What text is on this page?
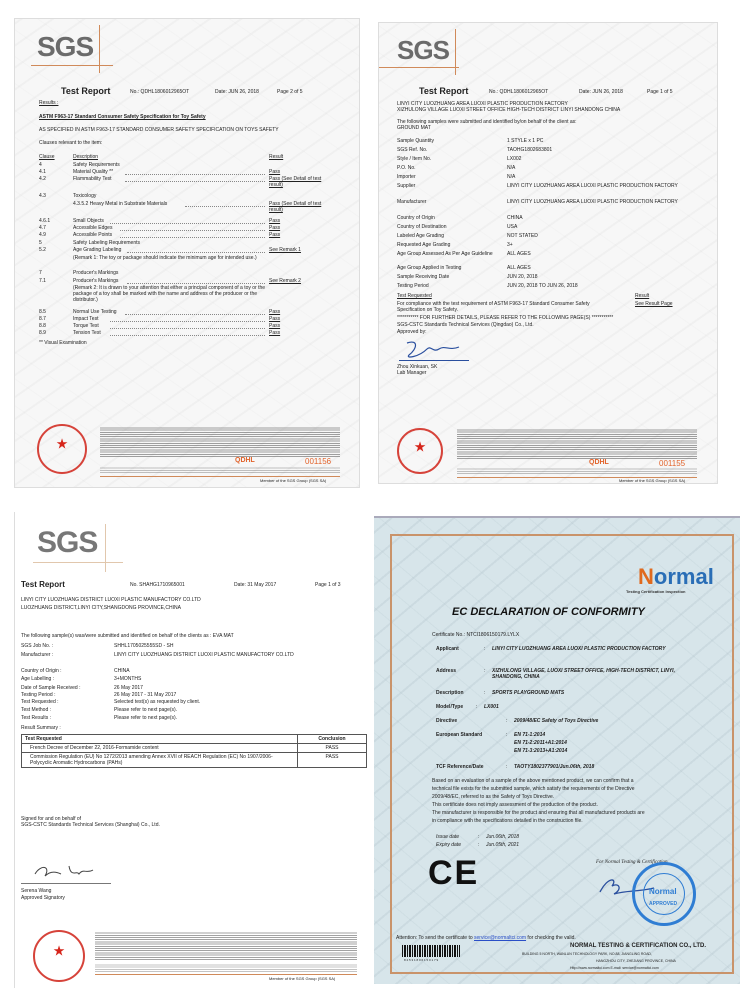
SGS
Test Report	No.: QDHL1806012965OT	Date: JUN 26, 2018	Page 2 of 5
Results :
ASTM F963-17 Standard Consumer Safety Specification for Toy Safety
AS SPECIFIED IN ASTM F963-17 STANDARD CONSUMER SAFETY SPECIFICATION ON TOYS SAFETY
Clauses relevant to the item:
Clause	Description	Result
4	Safety Requirements
4.1	Material Quality **	Pass
4.2	Flammability Test	Pass (See Detail of test result)
4.3	Toxicology
4.3.5.2 Heavy Metal in Substrate Materials	Pass (See Detail of test result)
4.6.1	Small Objects	Pass
4.7	Accessible Edges	Pass
4.9	Accessible Points	Pass
5	Safety Labeling Requirements
5.2	Age Grading Labeling	See Remark 1
(Remark 1: The toy or package should indicate the minimum age for intended use.)
7	Producer's Markings
7.1	Producer's Markings	See Remark 2
(Remark 2: It is drawn to your attention that either a principal component of a toy or the package of a toy shall be marked with the name and address of the producer or the distributor.)
8.5	Normal Use Testing	Pass
8.7	Impact Test	Pass
8.8	Torque Test	Pass
8.9	Tension Test	Pass
** Visual Examination
★
QDHL	001156
Member of the SGS Group (SGS SA)
SGS
Test Report	No.: QDHL1806012965OT	Date: JUN 26, 2018	Page 1 of 5
LINYI CITY LUOZHUANG AREA LUOXI PLASTIC PRODUCTION FACTORY
XIZHULONG VILLAGE LUOXI STREET OFFICE HIGH-TECH DISTRICT LINYI SHANDONG CHINA
The following samples were submitted and identified by/on behalf of the client as:
GROUND MAT
Sample Quantity	1 STYLE x 1 PC
SGS Ref. No.	TAOHG1802683801
Style / Item No.	LX002
P.O. No.	N/A
Importer	N/A
Supplier	LINYI CITY LUOZHUANG AREA LUOXI PLASTIC PRODUCTION FACTORY
Manufacturer	LINYI CITY LUOZHUANG AREA LUOXI PLASTIC PRODUCTION FACTORY
Country of Origin	CHINA
Country of Destination	USA
Labeled Age Grading	NOT STATED
Requested Age Grading	3+
Age Group Assessed As Per Age Guideline	ALL AGES
Age Group Applied in Testing	ALL AGES
Sample Receiving Date	JUN 20, 2018
Testing Period	JUN 20, 2018 TO JUN 26, 2018
Test Requested	Result
For compliance with the test requirement of ASTM F963-17 Standard Consumer Safety Specification on Toy Safety.
See Result Page
*********** FOR FURTHER DETAILS, PLEASE REFER TO THE FOLLOWING PAGE(S) ***********
SGS-CSTC Standards Technical Services (Qingdao) Co., Ltd.
Approved by:
Zhou Xinkuan, SK
Lab Manager
★
QDHL	001155
Member of the SGS Group (SGS SA)
SGS
Test Report	No. SHAHG1710965001	Date: 31 May 2017	Page 1 of 3
LINYI CITY LUOZHUANG DISTRICT LUOXI PLASTIC MANUFACTORY CO.LTD
LUOZHUANG DISTRICT,LINYI CITY,SHANGDONG PROVINCE,CHINA
The following sample(s) was/were submitted and identified on behalf of the clients as : EVA MAT
SGS Job No. :	SHHL1705025555SD - SH
Manufacturer :	LINYI CITY LUOZHUANG DISTRICT LUOXI PLASTIC MANUFACTORY CO.LTD
Country of Origin :	CHINA
Age Labelling :	3+MONTHS
Date of Sample Received :	26 May 2017
Testing Period :	26 May 2017 - 31 May 2017
Test Requested :	Selected test(s) as requested by client.
Test Method :	Please refer to next page(s).
Test Results :	Please refer to next page(s).
Result Summary :
Test Requested	Conclusion
French Decree of December 22, 2016-Formamide content	PASS
Commission Regulation (EU) No 1272/2013 amending Annex XVII of REACH Regulation (EC) No 1907/2006- Polycyclic Aromatic Hydrocarbons (PAHs)	PASS
Signed for and on behalf of
SGS-CSTC Standards Technical Services (Shanghai) Co., Ltd.
Serena Wang
Approved Signatory
★
Member of the SGS Group (SGS SA)
Normal
Testing Certification Inspection
EC DECLARATION OF CONFORMITY
Certificate No.: NTCI1806150179.LYLX
Applicant	: LINYI CITY LUOZHUANG AREA LUOXI PLASTIC PRODUCTION FACTORY
Address	: XIZHULONG VILLAGE, LUOXI STREET OFFICE, HIGH-TECH DISTRICT, LINYI, SHANDONG, CHINA
Description	: SPORTS PLAYGROUND MATS
Model/Type	: LX001
Directive	: 2009/48/EC Safety of Toys Directive
European Standard	: EN 71-1:2014
EN 71-2:2011+A1:2014
EN 71-3:2013+A1:2014
TCF Reference/Date	: TAOTY1802377901/Jun.06th, 2018
Based on an evaluation of a sample of the above mentioned product, we can confirm that a
technical file exists for the submitted sample, which satisfy the requirements of the Directive
2009/48/EC, referred to as the Safety of Toys Directive.
This certificate does not imply assessment of the production of the product.
The manufacturer is responsible for the product and ensuring that all manufactured products are
in compliance with the specifications detailed in the construction file.
Issue date	: Jun.06th, 2018
Expiry date	: Jun.05th, 2021
CE	For Normal Testing & Certification
Normal
APPROVED
Attention: To send the certificate to service@normaltci.com for checking the valid.
8 4 5 3 1 8 0 6 1 5 0 1 7 9
NORMAL TESTING & CERTIFICATION CO., LTD.
BUILDING 5 NORTH, WANLUN TECHNOLOGY PARK, NO.88, JIANGLING ROAD,
HANGZHOU CITY, ZHEJIANG PROVINCE, CHINA
Http://www.normaltci.com E-mail: service@normaltci.com
